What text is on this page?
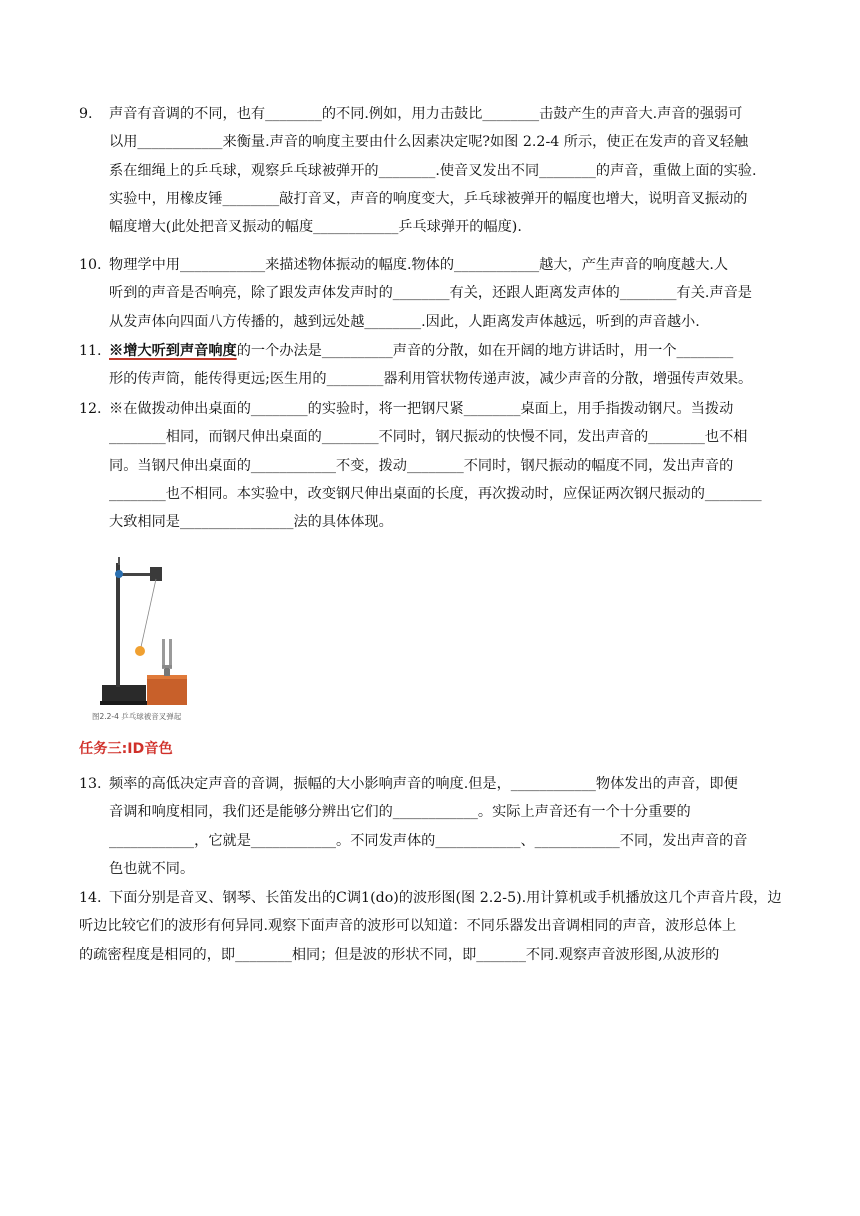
9.	声音有音调的不同，也有________的不同.例如，用力击鼓比________击鼓产生的声音大.声音的强弱可
以用____________来衡量.声音的响度主要由什么因素决定呢?如图 2.2-4 所示，使正在发声的音叉轻触
系在细绳上的乒乓球，观察乒乓球被弹开的________.使音叉发出不同________的声音，重做上面的实验.
实验中，用橡皮锤________敲打音叉，声音的响度变大，乒乓球被弹开的幅度也增大，说明音叉振动的
幅度增大(此处把音叉振动的幅度____________乒乓球弹开的幅度).
10. 物理学中用____________来描述物体振动的幅度.物体的____________越大，产生声音的响度越大.人
听到的声音是否响亮，除了跟发声体发声时的________有关，还跟人距离发声体的________有关.声音是
从发声体向四面八方传播的，越到远处越________.因此，人距离发声体越远，听到的声音越小.
11. ※增大听到声音响度的一个办法是__________声音的分散，如在开阔的地方讲话时，用一个________
形的传声筒，能传得更远;医生用的________器利用管状物传递声波，减少声音的分散，增强传声效果。
12. ※在做拨动伸出桌面的________的实验时，将一把钢尺紧________桌面上，用手指拨动钢尺。当拨动
________相同，而钢尺伸出桌面的________不同时，钢尺振动的快慢不同，发出声音的________也不相
同。当钢尺伸出桌面的____________不变，拨动________不同时，钢尺振动的幅度不同，发出声音的
________也不相同。本实验中，改变钢尺伸出桌面的长度，再次拨动时，应保证两次钢尺振动的________
大致相同是________________法的具体体现。
图2.2-4 乒乓球被音叉弹起
任务三:ID音色
13. 频率的高低决定声音的音调，振幅的大小影响声音的响度.但是，____________物体发出的声音，即便
音调和响度相同，我们还是能够分辨出它们的____________。实际上声音还有一个十分重要的
____________，它就是____________。不同发声体的____________、____________不同，发出声音的音
色也就不同。
14. 下面分别是音叉、钢琴、长笛发出的C调1(do)的波形图(图 2.2-5).用计算机或手机播放这几个声音片段，边
听边比较它们的波形有何异同.观察下面声音的波形可以知道：不同乐器发出音调相同的声音，波形总体上
的疏密程度是相同的，即________相同；但是波的形状不同，即_______不同.观察声音波形图,从波形的
